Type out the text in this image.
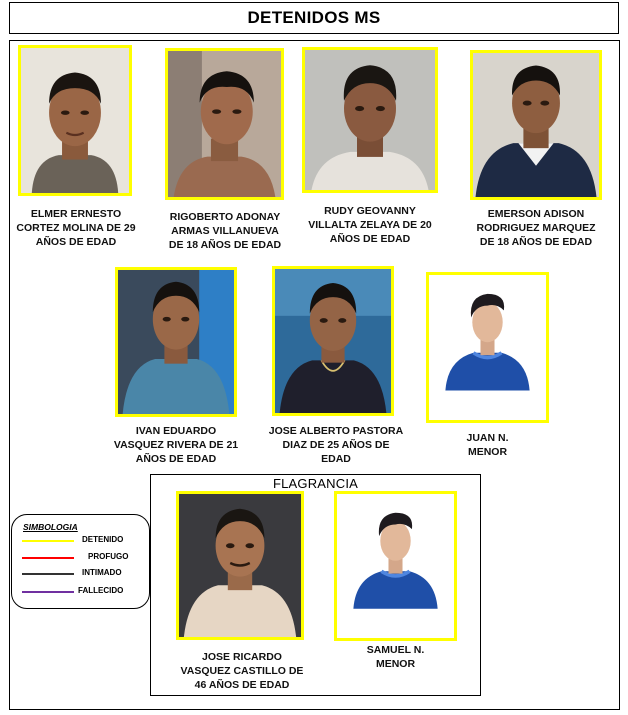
DETENIDOS MS
ELMER ERNESTO
CORTEZ MOLINA DE 29
AÑOS DE EDAD
RIGOBERTO ADONAY
ARMAS VILLANUEVA
DE 18 AÑOS DE EDAD
RUDY GEOVANNY
VILLALTA ZELAYA DE 20
AÑOS DE EDAD
EMERSON ADISON
RODRIGUEZ MARQUEZ
DE 18 AÑOS DE EDAD
IVAN EDUARDO
VASQUEZ RIVERA DE 21
AÑOS DE EDAD
JOSE ALBERTO PASTORA
DIAZ DE 25 AÑOS DE
EDAD
JUAN N.
MENOR
FLAGRANCIA
JOSE RICARDO
VASQUEZ CASTILLO DE
46 AÑOS DE EDAD
SAMUEL N.
MENOR
SIMBOLOGIA
DETENIDO
PROFUGO
INTIMADO
FALLECIDO
